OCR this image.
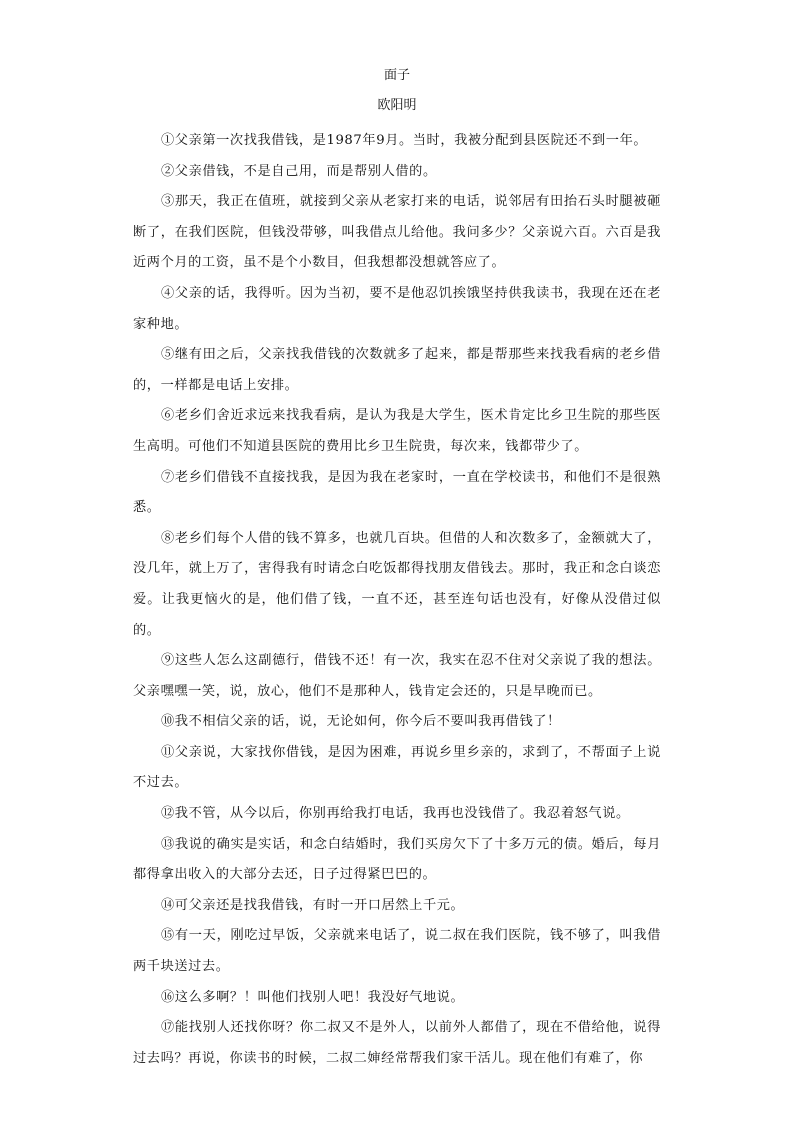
面子
欧阳明

①父亲第一次找我借钱，是1987年9月。当时，我被分配到县医院还不到一年。

②父亲借钱，不是自己用，而是帮别人借的。

③那天，我正在值班，就接到父亲从老家打来的电话，说邻居有田抬石头时腿被砸断了，在我们医院，但钱没带够，叫我借点儿给他。我问多少？父亲说六百。六百是我近两个月的工资，虽不是个小数目，但我想都没想就答应了。

④父亲的话，我得听。因为当初，要不是他忍饥挨饿坚持供我读书，我现在还在老家种地。

⑤继有田之后，父亲找我借钱的次数就多了起来，都是帮那些来找我看病的老乡借的，一样都是电话上安排。

⑥老乡们舍近求远来找我看病，是认为我是大学生，医术肯定比乡卫生院的那些医生高明。可他们不知道县医院的费用比乡卫生院贵，每次来，钱都带少了。

⑦老乡们借钱不直接找我，是因为我在老家时，一直在学校读书，和他们不是很熟悉。

⑧老乡们每个人借的钱不算多，也就几百块。但借的人和次数多了，金额就大了，没几年，就上万了，害得我有时请念白吃饭都得找朋友借钱去。那时，我正和念白谈恋爱。让我更恼火的是，他们借了钱，一直不还，甚至连句话也没有，好像从没借过似的。

⑨这些人怎么这副德行，借钱不还！有一次，我实在忍不住对父亲说了我的想法。父亲嘿嘿一笑，说，放心，他们不是那种人，钱肯定会还的，只是早晚而已。

⑩我不相信父亲的话，说，无论如何，你今后不要叫我再借钱了！

⑪父亲说，大家找你借钱，是因为困难，再说乡里乡亲的，求到了，不帮面子上说不过去。

⑫我不管，从今以后，你别再给我打电话，我再也没钱借了。我忍着怒气说。

⑬我说的确实是实话，和念白结婚时，我们买房欠下了十多万元的债。婚后，每月都得拿出收入的大部分去还，日子过得紧巴巴的。

⑭可父亲还是找我借钱，有时一开口居然上千元。

⑮有一天，刚吃过早饭，父亲就来电话了，说二叔在我们医院，钱不够了，叫我借两千块送过去。

⑯这么多啊？！叫他们找别人吧！我没好气地说。

⑰能找别人还找你呀？你二叔又不是外人，以前外人都借了，现在不借给他，说得过去吗？再说，你读书的时候，二叔二婶经常帮我们家干活儿。现在他们有难了，你
